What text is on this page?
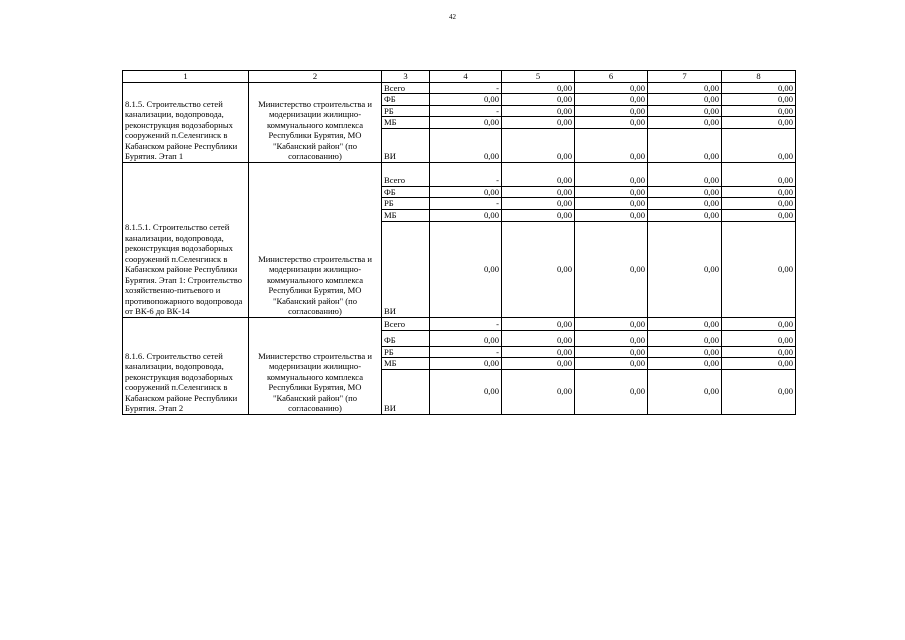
42
1	2	3	4	5	6	7	8
8.1.5. Строительство сетей канализации, водопровода, реконструкция водозаборных сооружений п.Селенгинск в Кабанском районе Республики Бурятия. Этап 1	Министерство строительства и модернизации жилищно-коммунального комплекса Республики Бурятия, МО "Кабанский район" (по согласованию)	Всего	-	0,00	0,00	0,00	0,00
		ФБ	0,00	0,00	0,00	0,00	0,00
		РБ	-	0,00	0,00	0,00	0,00
		МБ	0,00	0,00	0,00	0,00	0,00
		ВИ	0,00	0,00	0,00	0,00	0,00
8.1.5.1. Строительство сетей канализации, водопровода, реконструкция водозаборных сооружений п.Селенгинск в Кабанском районе Республики Бурятия. Этап 1: Строительство хозяйственно-питьевого и противопожарного водопровода от ВК-6 до ВК-14	Министерство строительства и модернизации жилищно-коммунального комплекса Республики Бурятия, МО "Кабанский район" (по согласованию)	Всего	-	0,00	0,00	0,00	0,00
		ФБ	0,00	0,00	0,00	0,00	0,00
		РБ	-	0,00	0,00	0,00	0,00
		МБ	0,00	0,00	0,00	0,00	0,00
		ВИ	0,00	0,00	0,00	0,00	0,00
8.1.6. Строительство сетей канализации, водопровода, реконструкция водозаборных сооружений п.Селенгинск в Кабанском районе Республики Бурятия. Этап 2	Министерство строительства и модернизации жилищно-коммунального комплекса Республики Бурятия, МО "Кабанский район" (по согласованию)	Всего	-	0,00	0,00	0,00	0,00
		ФБ	0,00	0,00	0,00	0,00	0,00
		РБ	-	0,00	0,00	0,00	0,00
		МБ	0,00	0,00	0,00	0,00	0,00
		ВИ	0,00	0,00	0,00	0,00	0,00
